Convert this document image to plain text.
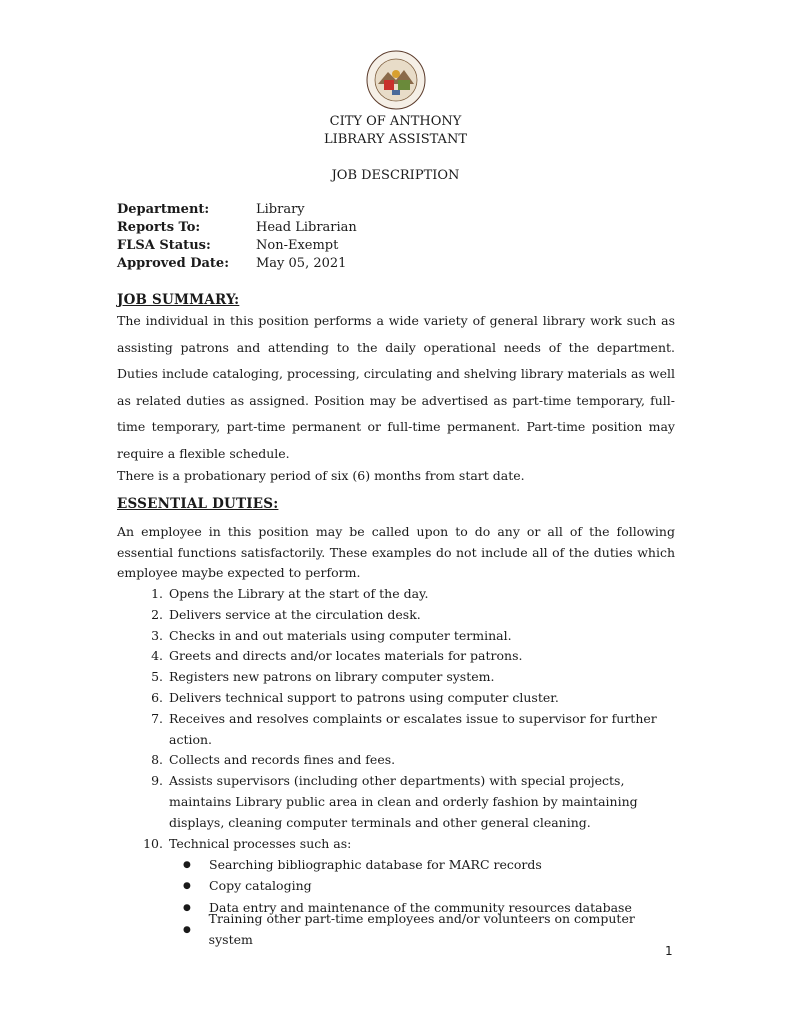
CITY OF ANTHONY
LIBRARY ASSISTANT
JOB DESCRIPTION
Department:	Library
Reports To:	Head Librarian
FLSA Status:	Non-Exempt
Approved Date:	May 05, 2021
JOB SUMMARY:
The individual in this position performs a wide variety of general library work such as assisting patrons and attending to the daily operational needs of the department. Duties include cataloging, processing, circulating and shelving library materials as well as related duties as assigned. Position may be advertised as part-time temporary, full-time temporary, part-time permanent or full-time permanent. Part-time position may require a flexible schedule.
There is a probationary period of six (6) months from start date.
ESSENTIAL DUTIES:
An employee in this position may be called upon to do any or all of the following essential functions satisfactorily. These examples do not include all of the duties which employee maybe expected to perform.
1. Opens the Library at the start of the day.
2. Delivers service at the circulation desk.
3. Checks in and out materials using computer terminal.
4. Greets and directs and/or locates materials for patrons.
5. Registers new patrons on library computer system.
6. Delivers technical support to patrons using computer cluster.
7. Receives and resolves complaints or escalates issue to supervisor for further action.
8. Collects and records fines and fees.
9. Assists supervisors (including other departments) with special projects, maintains Library public area in clean and orderly fashion by maintaining displays, cleaning computer terminals and other general cleaning.
10. Technical processes such as:
●	Searching bibliographic database for MARC records
●	Copy cataloging
●	Data entry and maintenance of the community resources database
●
Training other part-time employees and/or volunteers on computer system
1
